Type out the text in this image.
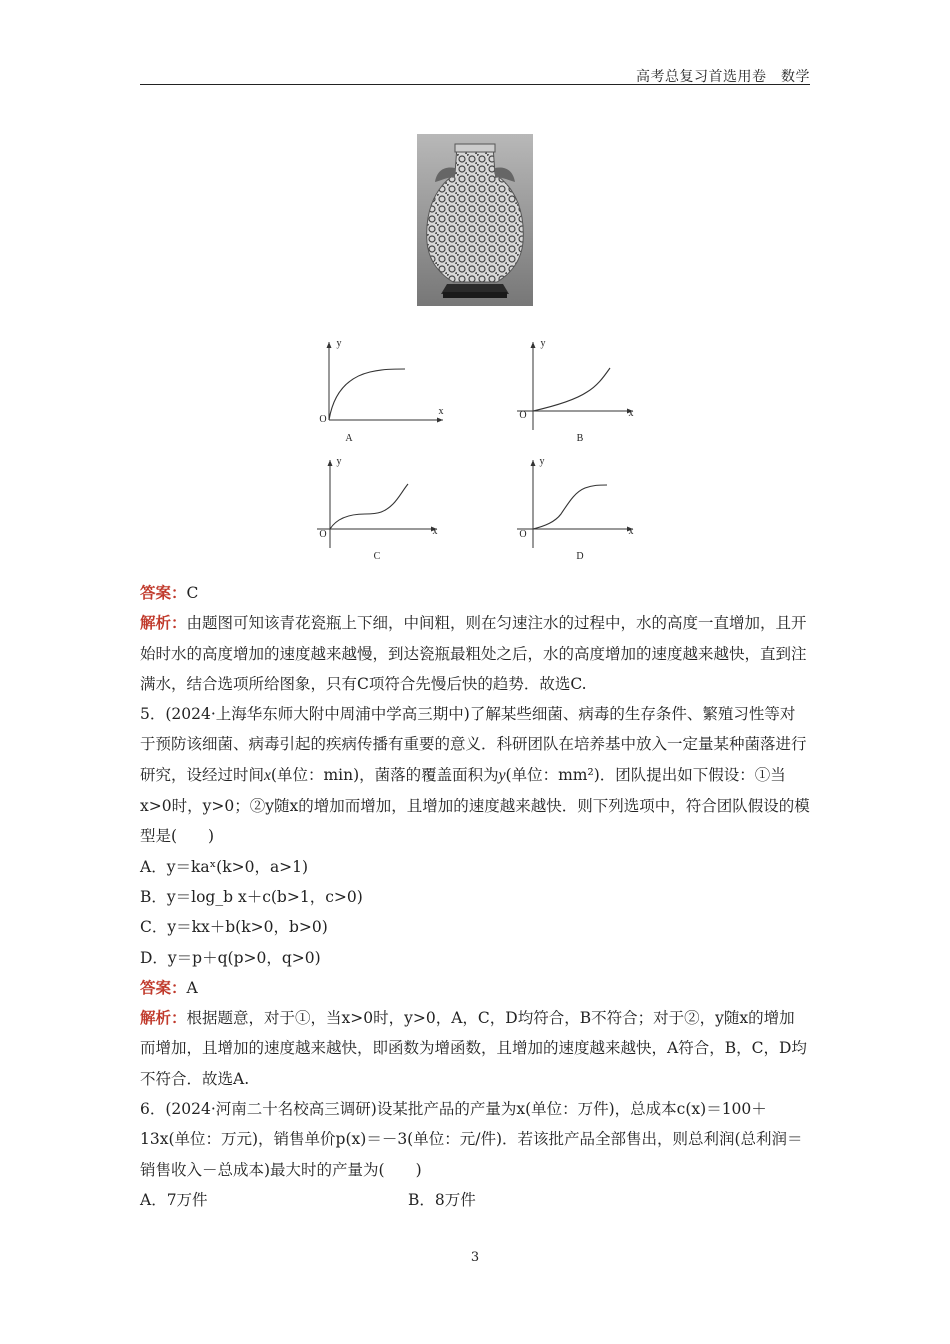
高考总复习首选用卷　数学
y
O
x
A
y
O	x
B
y
O	x
C
y
O	x
D

答案：C

解析：由题图可知该青花瓷瓶上下细，中间粗，则在匀速注水的过程中，水的高度一直增加，且开始时水的高度增加的速度越来越慢，到达瓷瓶最粗处之后，水的高度增加的速度越来越快，直到注满水，结合选项所给图象，只有C项符合先慢后快的趋势．故选C.

5．(2024·上海华东师大附中周浦中学高三期中)了解某些细菌、病毒的生存条件、繁殖习性等对于预防该细菌、病毒引起的疾病传播有重要的意义．科研团队在培养基中放入一定量某种菌落进行研究，设经过时间x(单位：min)，菌落的覆盖面积为y(单位：mm²)．团队提出如下假设：①当x>0时，y>0；②y随x的增加而增加，且增加的速度越来越快．则下列选项中，符合团队假设的模型是(　　)

A．y＝kaˣ(k>0，a>1)

B．y＝log_b x＋c(b>1，c>0)

C．y＝kx＋b(k>0，b>0)

D．y＝p＋q(p>0，q>0)

答案：A

解析：根据题意，对于①，当x>0时，y>0，A，C，D均符合，B不符合；对于②，y随x的增加而增加，且增加的速度越来越快，即函数为增函数，且增加的速度越来越快，A符合，B，C，D均不符合．故选A.

6．(2024·河南二十名校高三调研)设某批产品的产量为x(单位：万件)，总成本c(x)＝100＋13x(单位：万元)，销售单价p(x)＝－3(单位：元/件)．若该批产品全部售出，则总利润(总利润＝销售收入－总成本)最大时的产量为(　　)

A．7万件	B．8万件

3
